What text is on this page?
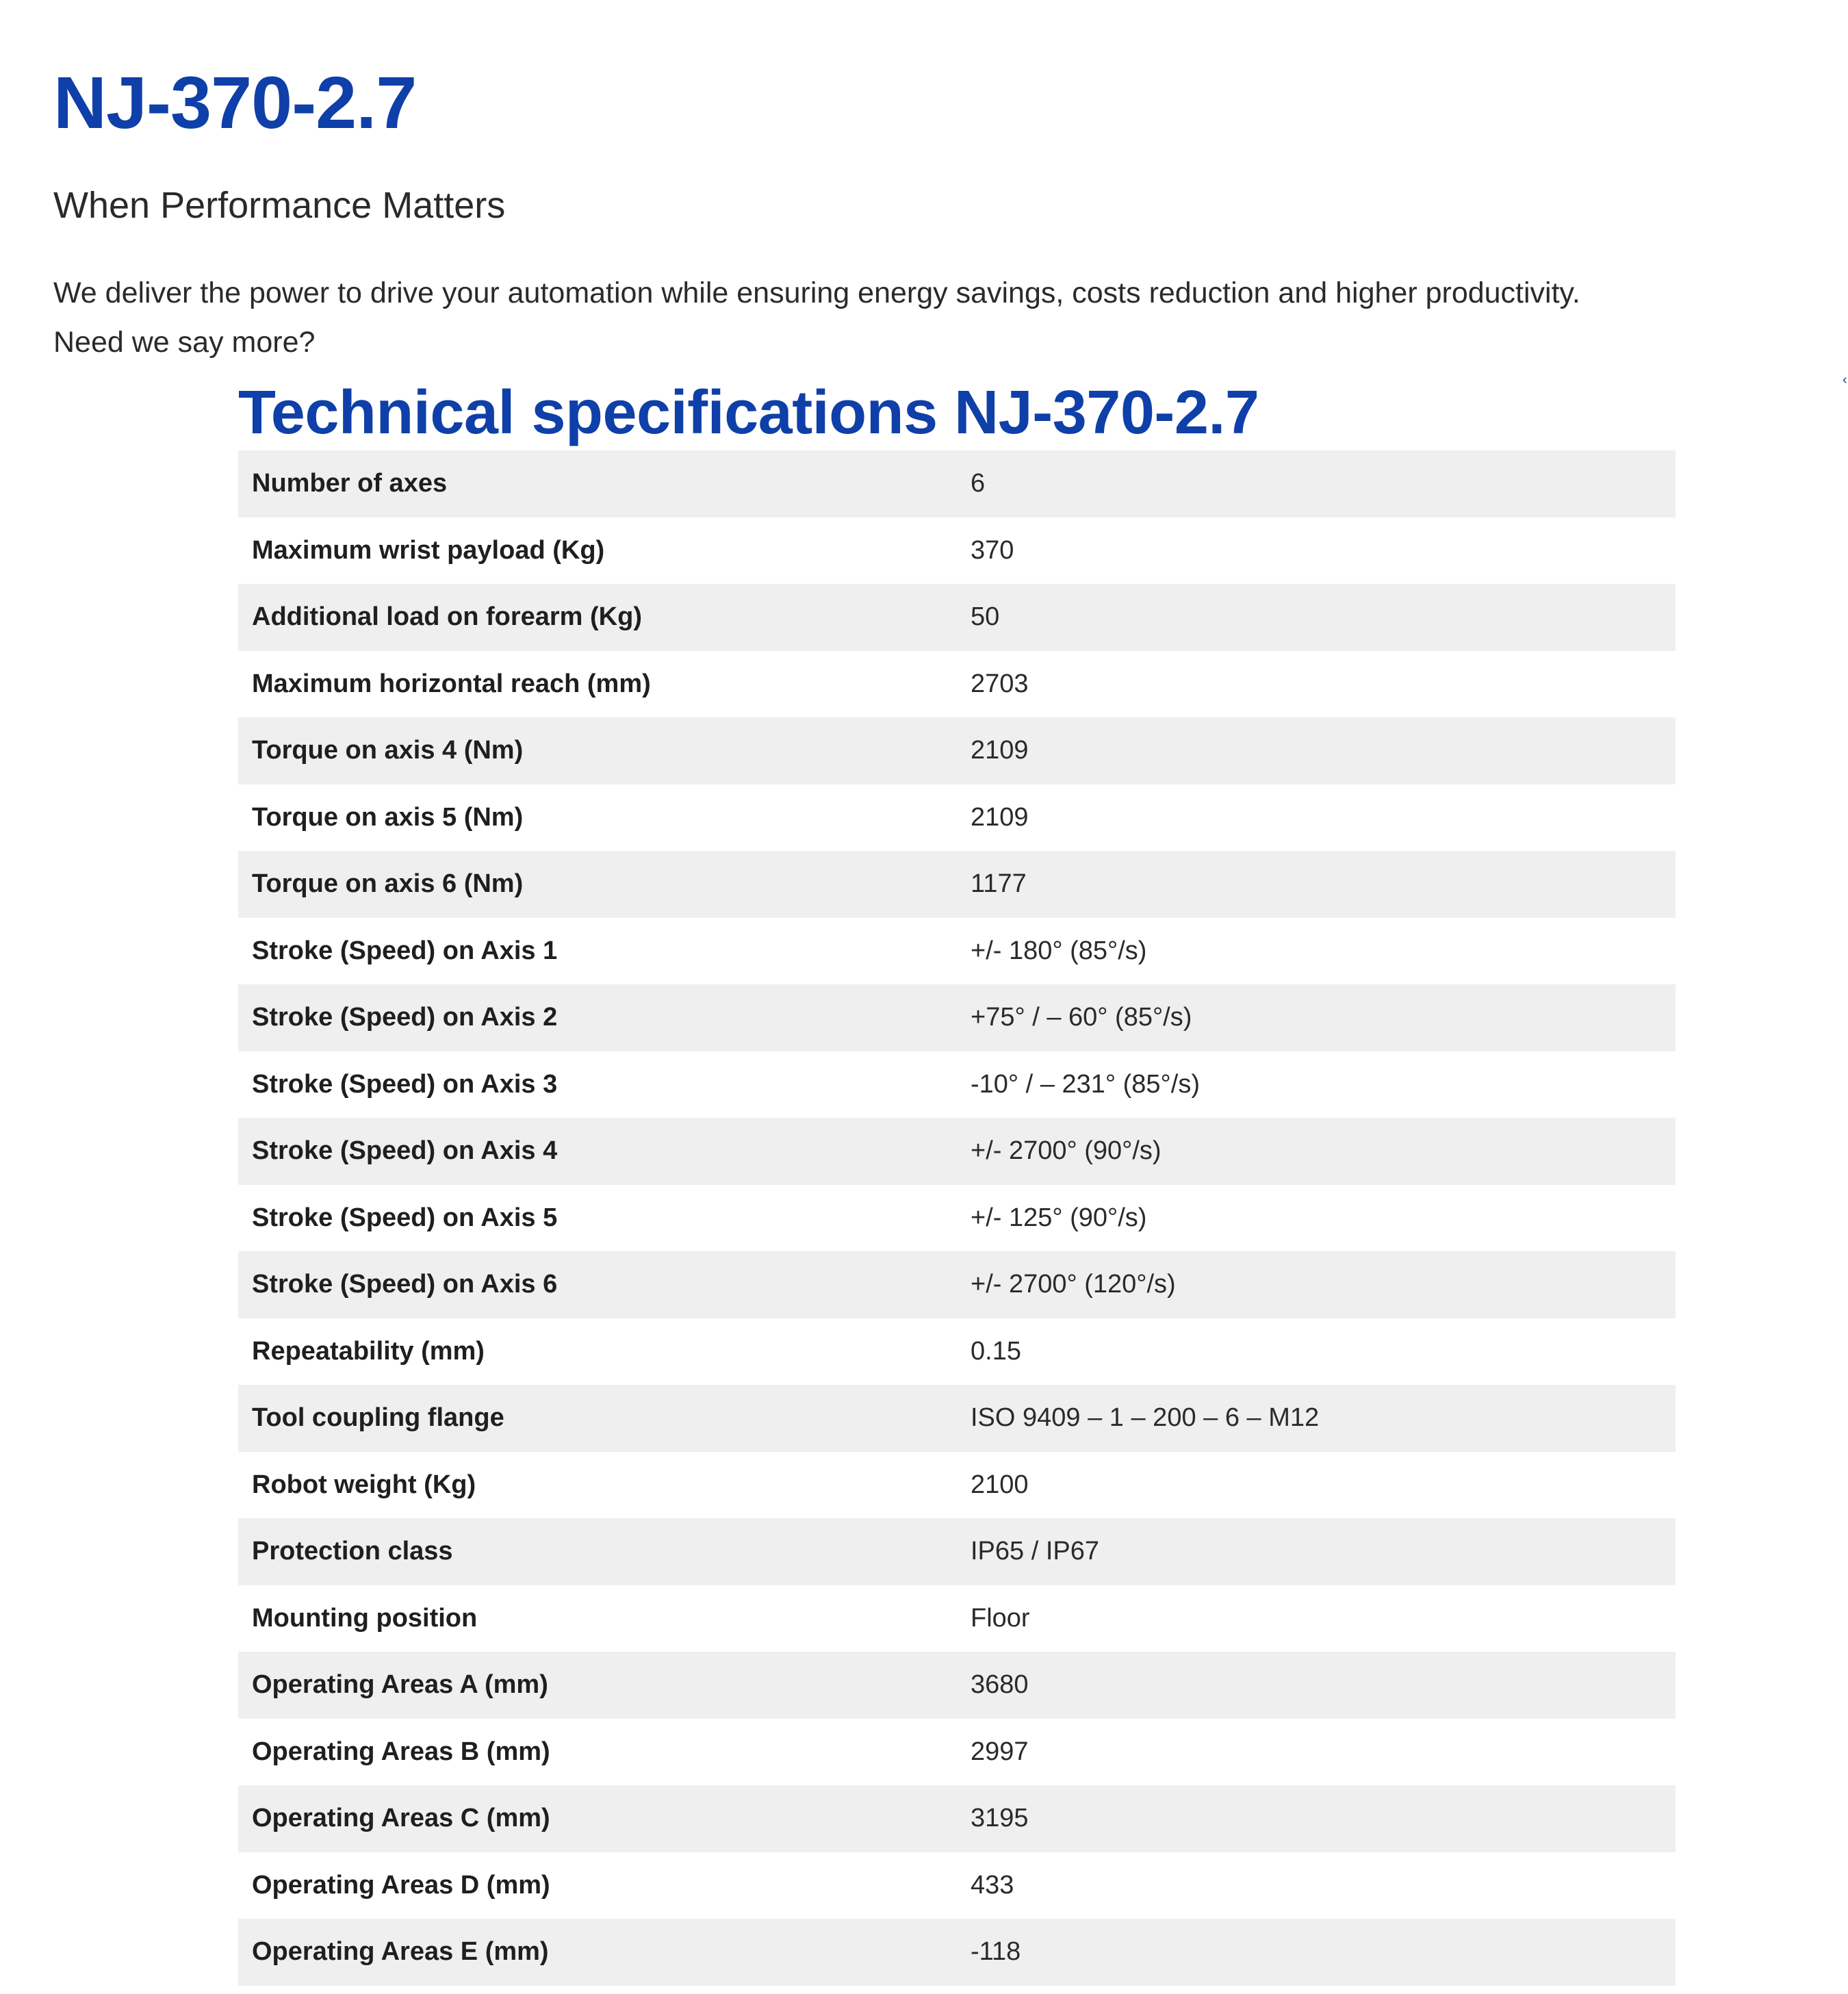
NJ-370-2.7
When Performance Matters

We deliver the power to drive your automation while ensuring energy savings, costs reduction and higher productivity.
Need we say more?

‹
Technical specifications NJ-370-2.7
Number of axes	6
Maximum wrist payload (Kg)	370
Additional load on forearm (Kg)	50
Maximum horizontal reach (mm)	2703
Torque on axis 4 (Nm)	2109
Torque on axis 5 (Nm)	2109
Torque on axis 6 (Nm)	1177
Stroke (Speed) on Axis 1	+/- 180° (85°/s)
Stroke (Speed) on Axis 2	+75° / – 60° (85°/s)
Stroke (Speed) on Axis 3	-10° / – 231° (85°/s)
Stroke (Speed) on Axis 4	+/- 2700° (90°/s)
Stroke (Speed) on Axis 5	+/- 125° (90°/s)
Stroke (Speed) on Axis 6	+/- 2700° (120°/s)
Repeatability (mm)	0.15
Tool coupling flange	ISO 9409 – 1 – 200 – 6 – M12
Robot weight (Kg)	2100
Protection class	IP65 / IP67
Mounting position	Floor
Operating Areas A (mm)	3680
Operating Areas B (mm)	2997
Operating Areas C (mm)	3195
Operating Areas D (mm)	433
Operating Areas E (mm)	-118
